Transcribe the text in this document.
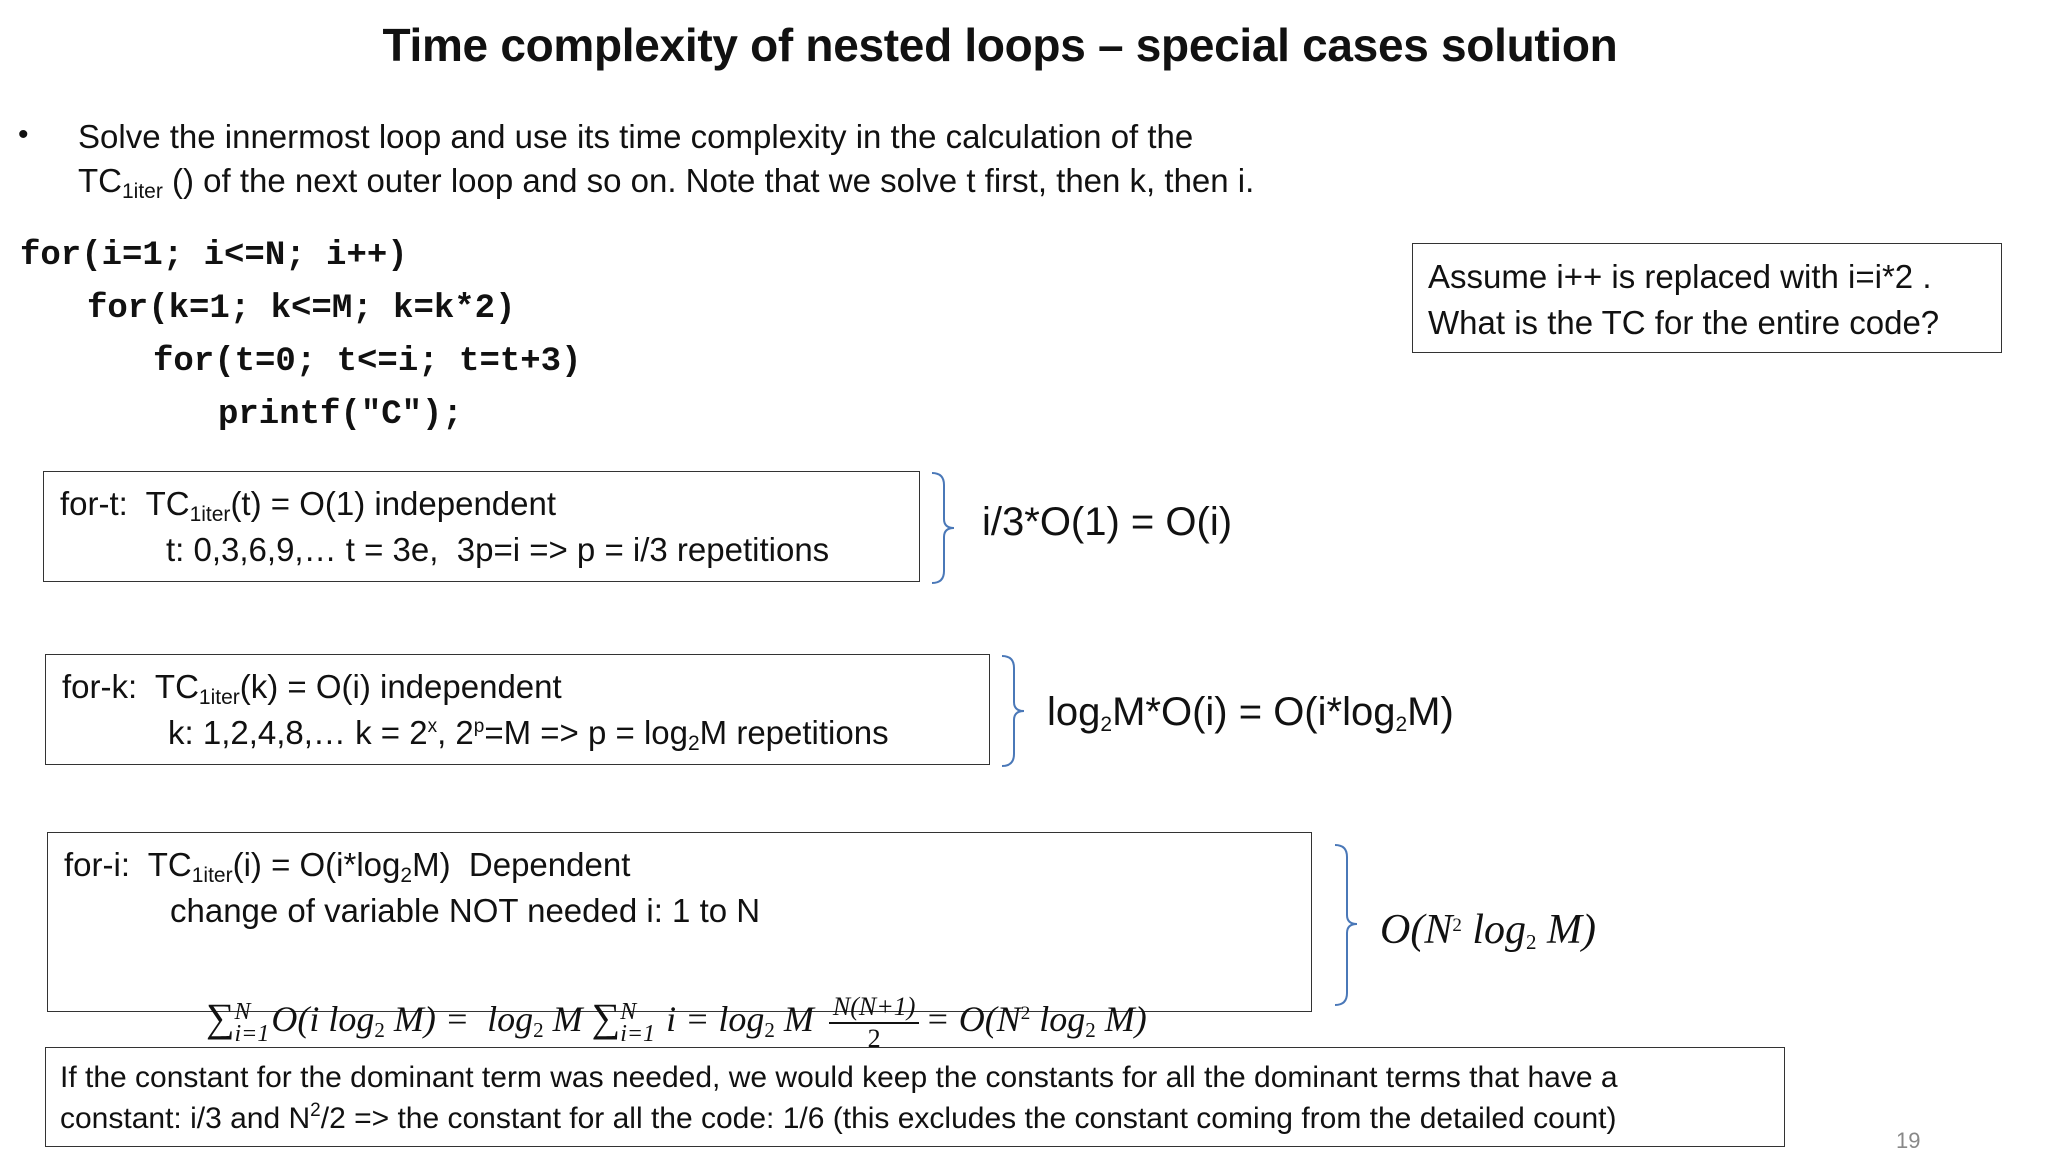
Time complexity of nested loops – special cases solution
• Solve the innermost loop and use its time complexity in the calculation of the
$TC_{1iter}$ () of the next outer loop and so on. Note that we solve t first, then k, then i.
for(i=1; i<=N; i++)
for(k=1; k<=M; k=k*2)
for(t=0; t<=i; t=t+3)
printf("C");
Assume i++ is replaced with i=i*2 .
What is the TC for the entire code?
for-t:  $TC_{1iter}(t) = O(1)$ independent
t: 0,3,6,9,… t = 3e,  3p=i => p = i/3 repetitions
i/3*O(1) = O(i)
for-k:  $TC_{1iter}(k) = O(i)$ independent
k: 1,2,4,8,… $k = 2^x$, $2^p=M => p = \log_2M$ repetitions	$\log_2M*O(i) = O(i*\log_2M)$
for-i:  $TC_{1iter}(i) = O(i*\log_2M)$  Dependent
change of variable NOT needed i: 1 to N

∑ N
i=1 O(i $\log_2 M) = \log_2 M$ ∑ N
i=1 $i = \log_2 M \frac{N(N+1)}{2} = O(N^2$ $\log_2 M$)

$O(N^2$ $\log_2 M$)
If the constant for the dominant term was needed, we would keep the constants for all the dominant terms that have a
constant: i/3 and $N^2/2$ => the constant for all the code: 1/6 (this excludes the constant coming from the detailed count)
19
